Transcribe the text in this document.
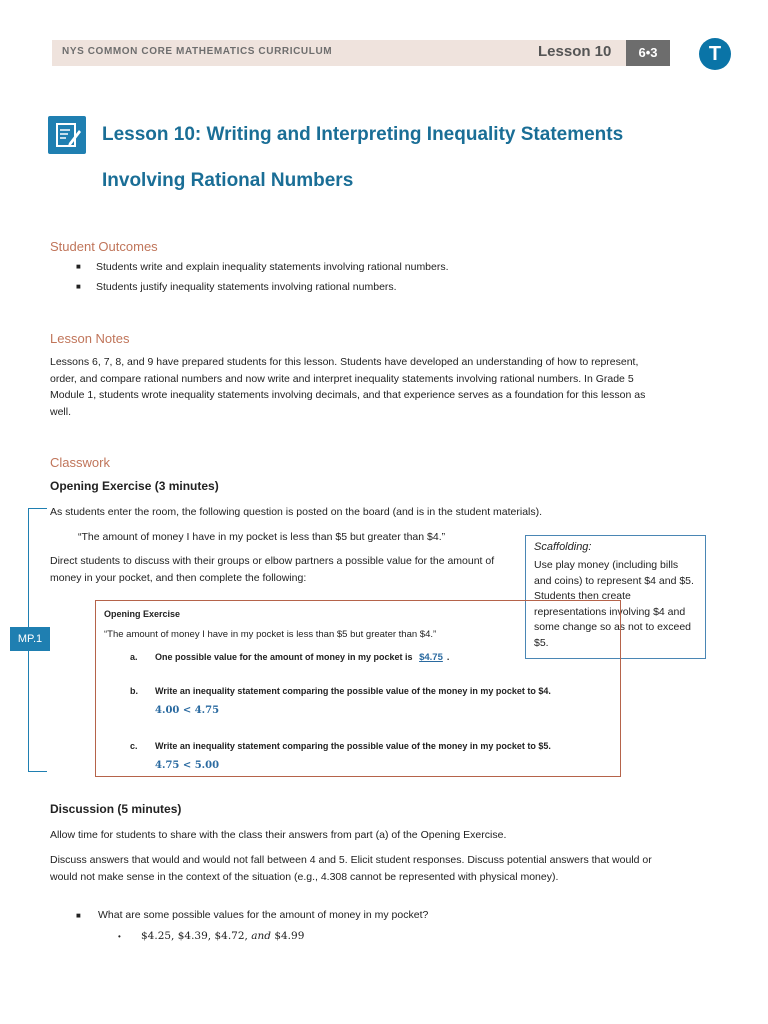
NYS COMMON CORE MATHEMATICS CURRICULUM	Lesson 10	6•3	T
Lesson 10: Writing and Interpreting Inequality Statements
Involving Rational Numbers
Student Outcomes
■ Students write and explain inequality statements involving rational numbers.
■ Students justify inequality statements involving rational numbers.
Lesson Notes
Lessons 6, 7, 8, and 9 have prepared students for this lesson. Students have developed an understanding of how to represent, order, and compare rational numbers and now write and interpret inequality statements involving rational numbers. In Grade 5 Module 1, students wrote inequality statements involving decimals, and that experience serves as a foundation for this lesson as well.
Classwork
Opening Exercise (3 minutes)
As students enter the room, the following question is posted on the board (and is in the student materials).
“The amount of money I have in my pocket is less than $5 but greater than $4.”
Direct students to discuss with their groups or elbow partners a possible value for the amount of money in your pocket, and then complete the following:
Scaffolding:
Use play money (including bills and coins) to represent $4 and $5. Students then create representations involving $4 and some change so as not to exceed $5.
MP.1
Opening Exercise
“The amount of money I have in my pocket is less than $5 but greater than $4.”
a. One possible value for the amount of money in my pocket is $4.75 .
b. Write an inequality statement comparing the possible value of the money in my pocket to $4.
4.00 < 4.75
c. Write an inequality statement comparing the possible value of the money in my pocket to $5.
4.75 < 5.00
Discussion (5 minutes)
Allow time for students to share with the class their answers from part (a) of the Opening Exercise.
Discuss answers that would and would not fall between 4 and 5. Elicit student responses. Discuss potential answers that would or would not make sense in the context of the situation (e.g., 4.308 cannot be represented with physical money).
■ What are some possible values for the amount of money in my pocket?
• $4.25, $4.39, $4.72, and $4.99
